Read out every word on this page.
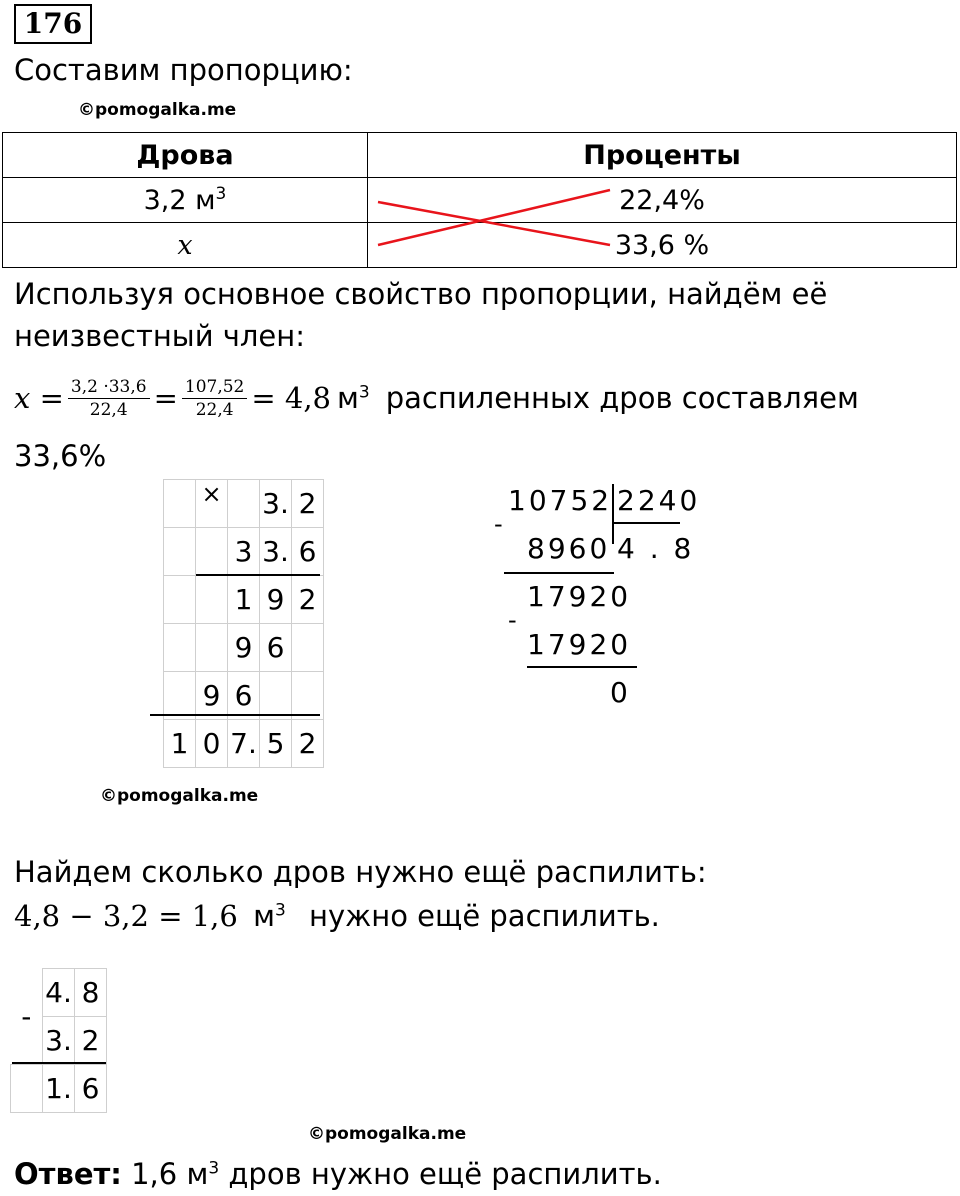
176
Составим пропорцию:
©pomogalka.me
Дрова	Проценты
3,2 $м^3$	22,4%
x	33,6 %
Используя основное свойство пропорции, найдём её
неизвестный член:
$x = \frac{3,2 \cdot 33,6}{22,4} = \frac{107,52}{22,4} = 4,8$ $м^3$ распиленных дров составляем
33,6%
	×		3.	2
		3	3.	6
		1	9	2
		9	6	
	9	6		
1	0	7.	5	2
©pomogalka.me
10752 2240
-
8960 4 . 8
17920
-
17920
0
Найдем сколько дров нужно ещё распилить:
4,8 − 3,2 = 1,6 $м^3$ нужно ещё распилить.
-	4.	8
	3.	2
	1.	6
©pomogalka.me
Ответ: 1,6 $м^3$ дров нужно ещё распилить.
